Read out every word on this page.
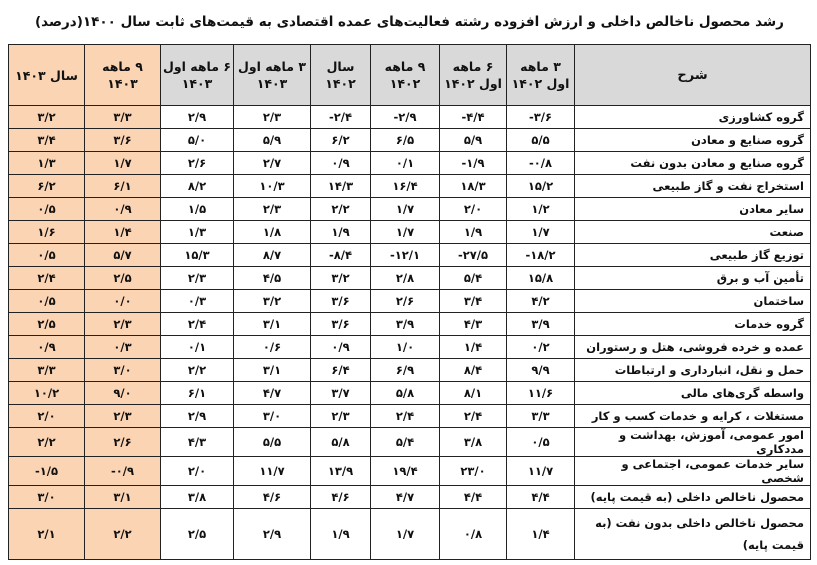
رشد محصول ناخالص داخلی و ارزش افزوده رشته فعالیت‌های عمده اقتصادی به قیمت‌های ثابت سال ۱۴۰۰(درصد)
شرح	۳ ماهه اول ۱۴۰۲	۶ ماهه اول ۱۴۰۲	۹ ماهه ۱۴۰۲	سال ۱۴۰۲	۳ ماهه اول ۱۴۰۳	۶ ماهه اول ۱۴۰۳	۹ ماهه ۱۴۰۳	سال ۱۴۰۳
گروه کشاورزی	-۳/۶	-۴/۴	-۲/۹	-۲/۴	۲/۳	۲/۹	۳/۳	۳/۲
گروه صنایع و معادن	۵/۵	۵/۹	۶/۵	۶/۲	۵/۹	۵/۰	۳/۶	۳/۴
گروه صنایع و معادن بدون نفت	-۰/۸	-۱/۹	۰/۱	۰/۹	۲/۷	۲/۶	۱/۷	۱/۳
استخراج نفت و گاز طبیعی	۱۵/۲	۱۸/۳	۱۶/۴	۱۴/۳	۱۰/۳	۸/۲	۶/۱	۶/۲
سایر معادن	۱/۲	۲/۰	۱/۷	۲/۲	۲/۳	۱/۵	۰/۹	۰/۵
صنعت	۱/۷	۱/۹	۱/۷	۱/۹	۱/۸	۱/۳	۱/۴	۱/۶
توزیع گاز طبیعی	-۱۸/۲	-۲۷/۵	-۱۲/۱	-۸/۴	۸/۷	۱۵/۳	۵/۷	۰/۵
تأمین آب و برق	۱۵/۸	۵/۴	۲/۸	۳/۲	۴/۵	۲/۳	۲/۵	۲/۴
ساختمان	۴/۲	۳/۴	۲/۶	۳/۶	۳/۲	۰/۳	۰/۰	۰/۵
گروه خدمات	۳/۹	۴/۳	۳/۹	۳/۶	۳/۱	۲/۴	۲/۳	۲/۵
عمده و خرده فروشی، هتل و رستوران	۰/۲	۱/۴	۱/۰	۰/۹	۰/۶	۰/۱	۰/۳	۰/۹
حمل و نقل، انبارداری و ارتباطات	۹/۹	۸/۴	۶/۹	۶/۴	۳/۱	۲/۲	۳/۰	۳/۳
واسطه گری‌های مالی	۱۱/۶	۸/۱	۵/۸	۳/۷	۴/۷	۶/۱	۹/۰	۱۰/۲
مستغلات ، کرایه و خدمات کسب و کار	۳/۳	۲/۴	۲/۴	۲/۳	۳/۰	۲/۹	۲/۳	۲/۰
امور عمومی، آموزش، بهداشت و مددکاری	۰/۵	۳/۸	۵/۴	۵/۸	۵/۵	۴/۳	۲/۶	۲/۲
سایر خدمات عمومی، اجتماعی و شخصی	۱۱/۷	۲۳/۰	۱۹/۴	۱۳/۹	۱۱/۷	۲/۰	-۰/۹	-۱/۵
محصول ناخالص داخلی (به قیمت پایه)	۴/۴	۴/۴	۴/۷	۴/۶	۴/۶	۳/۸	۳/۱	۳/۰

محصول ناخالص داخلی بدون نفت (به قیمت پایه)	۱/۴	۰/۸	۱/۷	۱/۹	۲/۹	۲/۵	۲/۲	۲/۱
